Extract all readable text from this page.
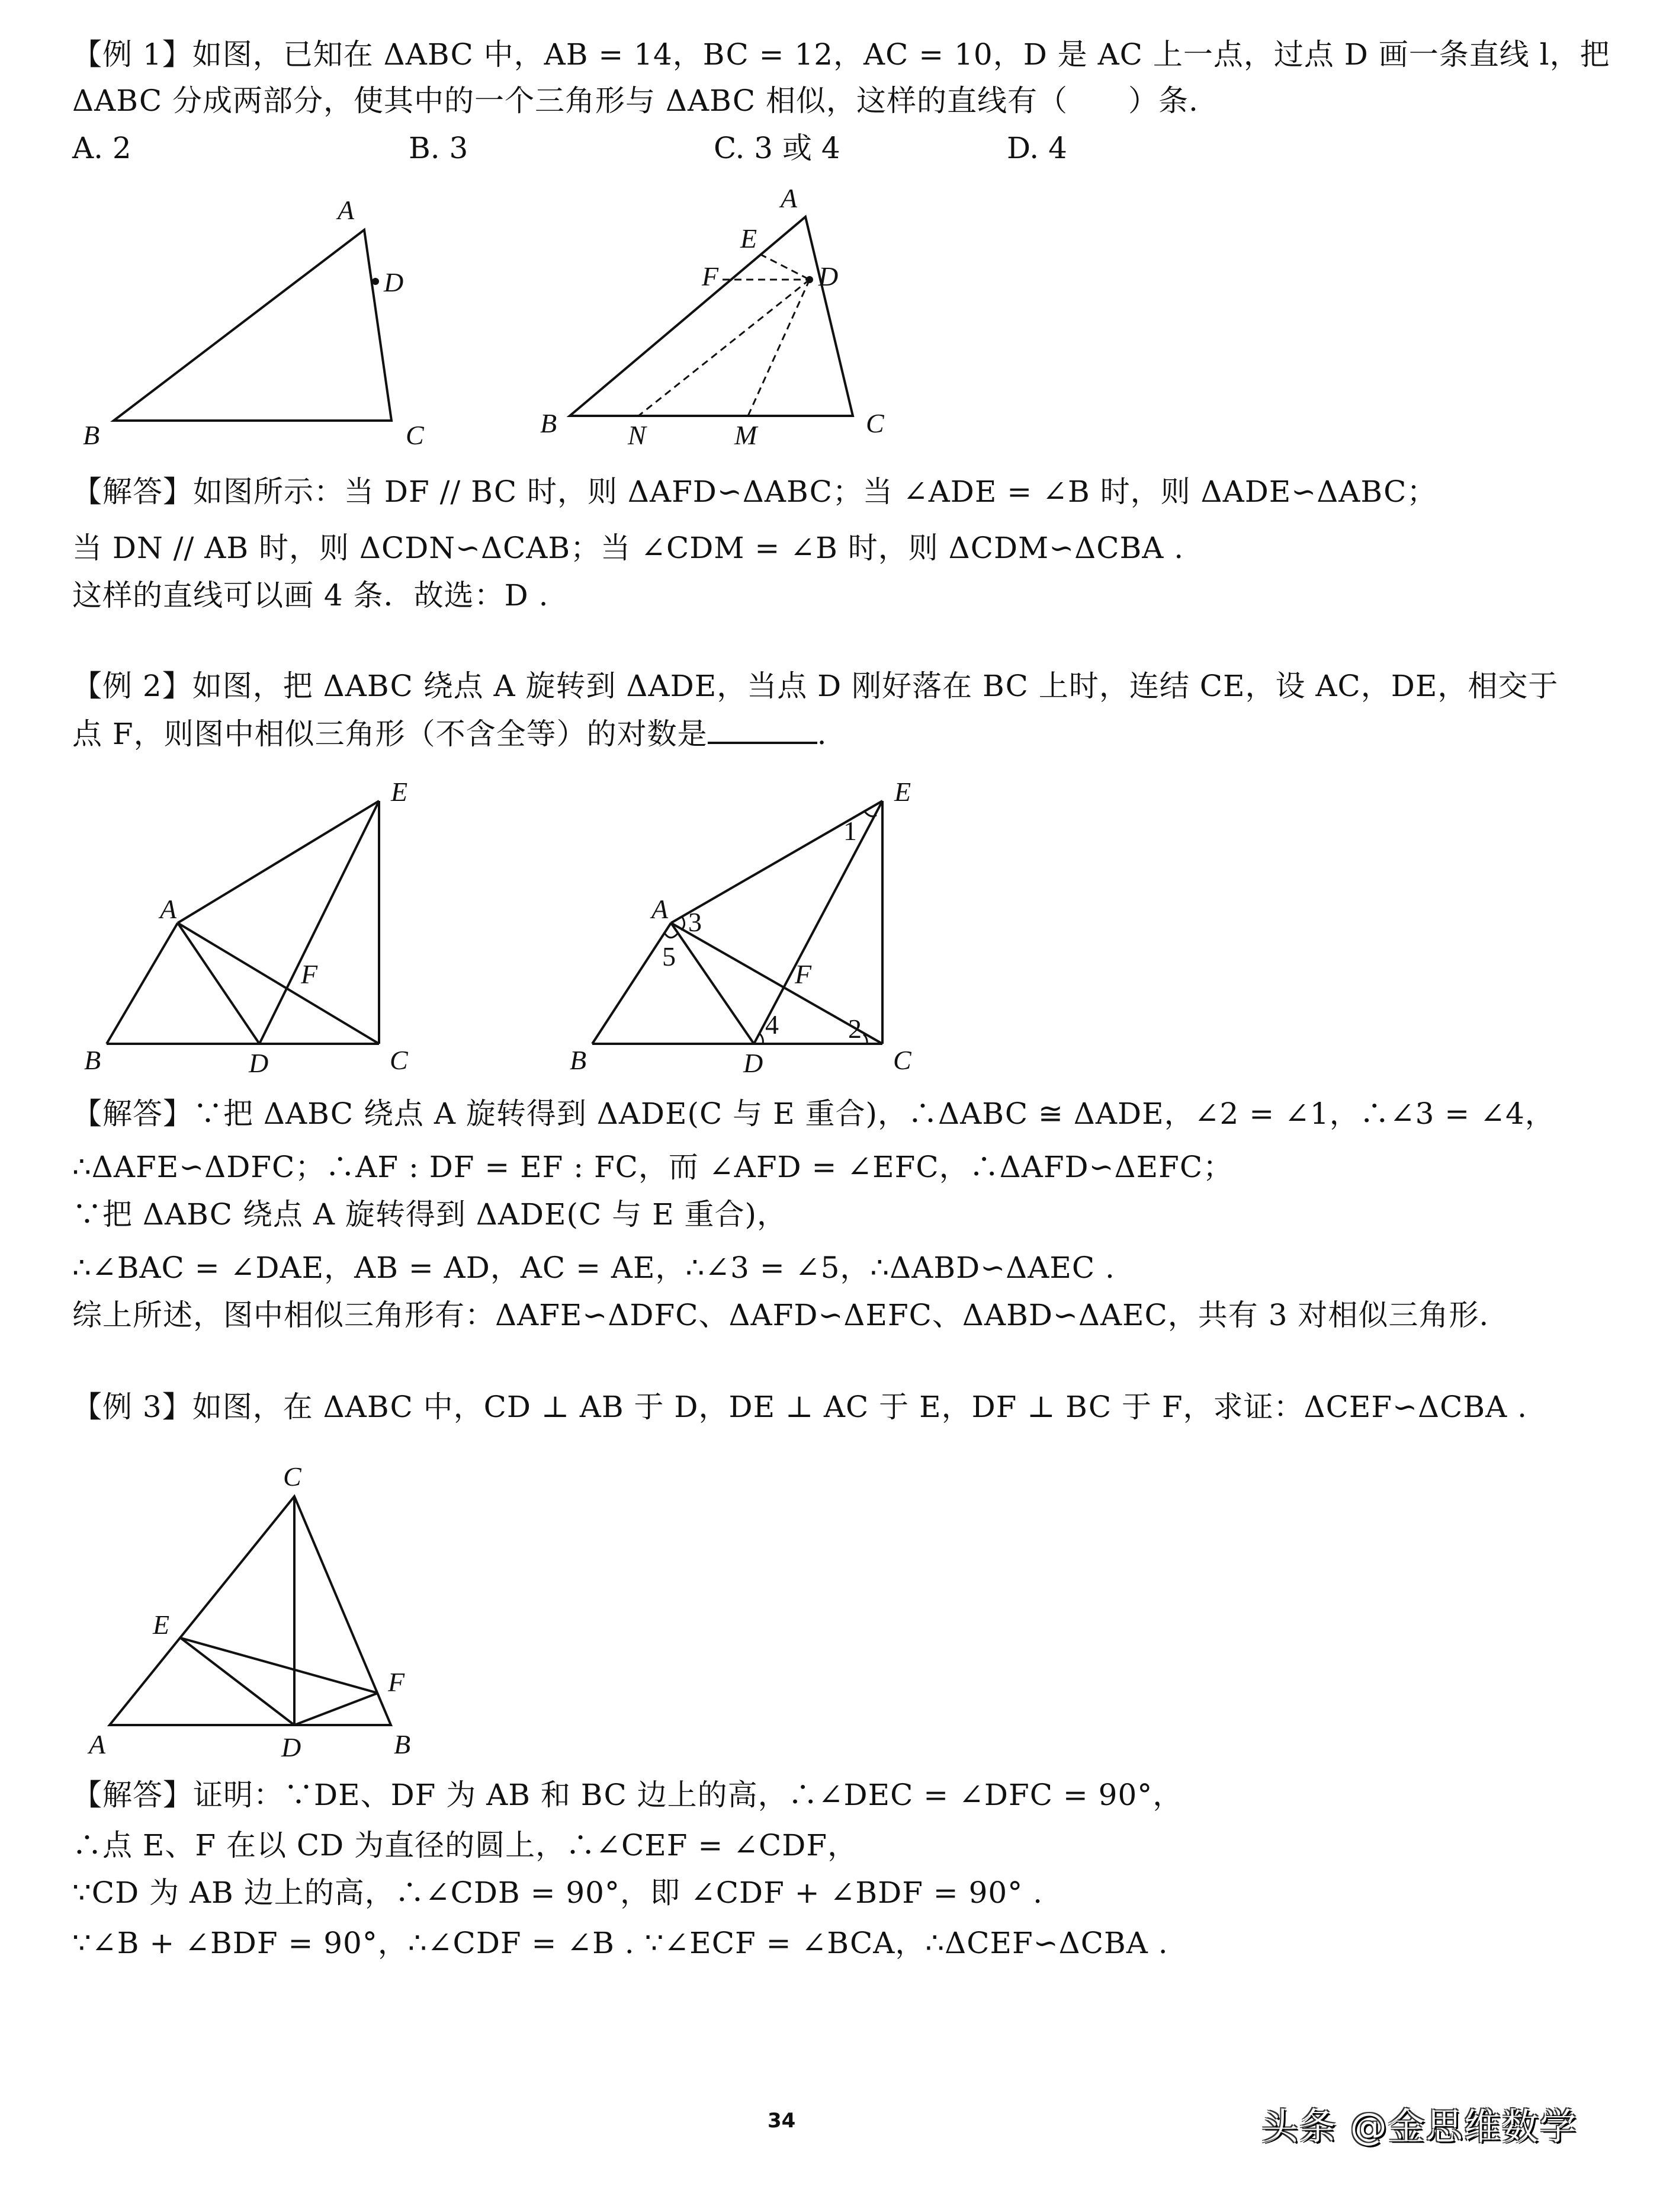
【例 1】如图，已知在 ΔABC 中，AB = 14，BC = 12，AC = 10，D 是 AC 上一点，过点 D 画一条直线 l，把
ΔABC 分成两部分，使其中的一个三角形与 ΔABC 相似，这样的直线有（　　）条.
A. 2	B. 3	C. 3 或 4	D. 4
A
B	C
D
A
E
F	D
B	N	M	C
【解答】如图所示：当 DF // BC 时，则 ΔAFD∽ΔABC；当 ∠ADE = ∠B 时，则 ΔADE∽ΔABC；
当 DN // AB 时，则 ΔCDN∽ΔCAB；当 ∠CDM = ∠B 时，则 ΔCDM∽ΔCBA .
这样的直线可以画 4 条．故选：D .
【例 2】如图，把 ΔABC 绕点 A 旋转到 ΔADE，当点 D 刚好落在 BC 上时，连结 CE，设 AC，DE，相交于
点 F，则图中相似三角形（不含全等）的对数是	.
A
E
F
B	D	C
A
E
F
B	D	C
1
2
3
4
5
【解答】∵把 ΔABC 绕点 A 旋转得到 ΔADE(C 与 E 重合)，∴ΔABC ≅ ΔADE，∠2 = ∠1，∴∠3 = ∠4，
∴ΔAFE∽ΔDFC；∴AF : DF = EF : FC，而 ∠AFD = ∠EFC，∴ΔAFD∽ΔEFC；
∵把 ΔABC 绕点 A 旋转得到 ΔADE(C 与 E 重合)，
∴∠BAC = ∠DAE，AB = AD，AC = AE，∴∠3 = ∠5，∴ΔABD∽ΔAEC .
综上所述，图中相似三角形有：ΔAFE∽ΔDFC、ΔAFD∽ΔEFC、ΔABD∽ΔAEC，共有 3 对相似三角形.
【例 3】如图，在 ΔABC 中，CD ⊥ AB 于 D，DE ⊥ AC 于 E，DF ⊥ BC 于 F，求证：ΔCEF∽ΔCBA .
C
E
F
A	D	B
【解答】证明：∵DE、DF 为 AB 和 BC 边上的高，∴∠DEC = ∠DFC = 90°，
∴点 E、F 在以 CD 为直径的圆上，∴∠CEF = ∠CDF，
∵CD 为 AB 边上的高，∴∠CDB = 90°，即 ∠CDF + ∠BDF = 90° .
∵∠B + ∠BDF = 90°，∴∠CDF = ∠B . ∵∠ECF = ∠BCA，∴ΔCEF∽ΔCBA .
34	头条 @金思维数学
